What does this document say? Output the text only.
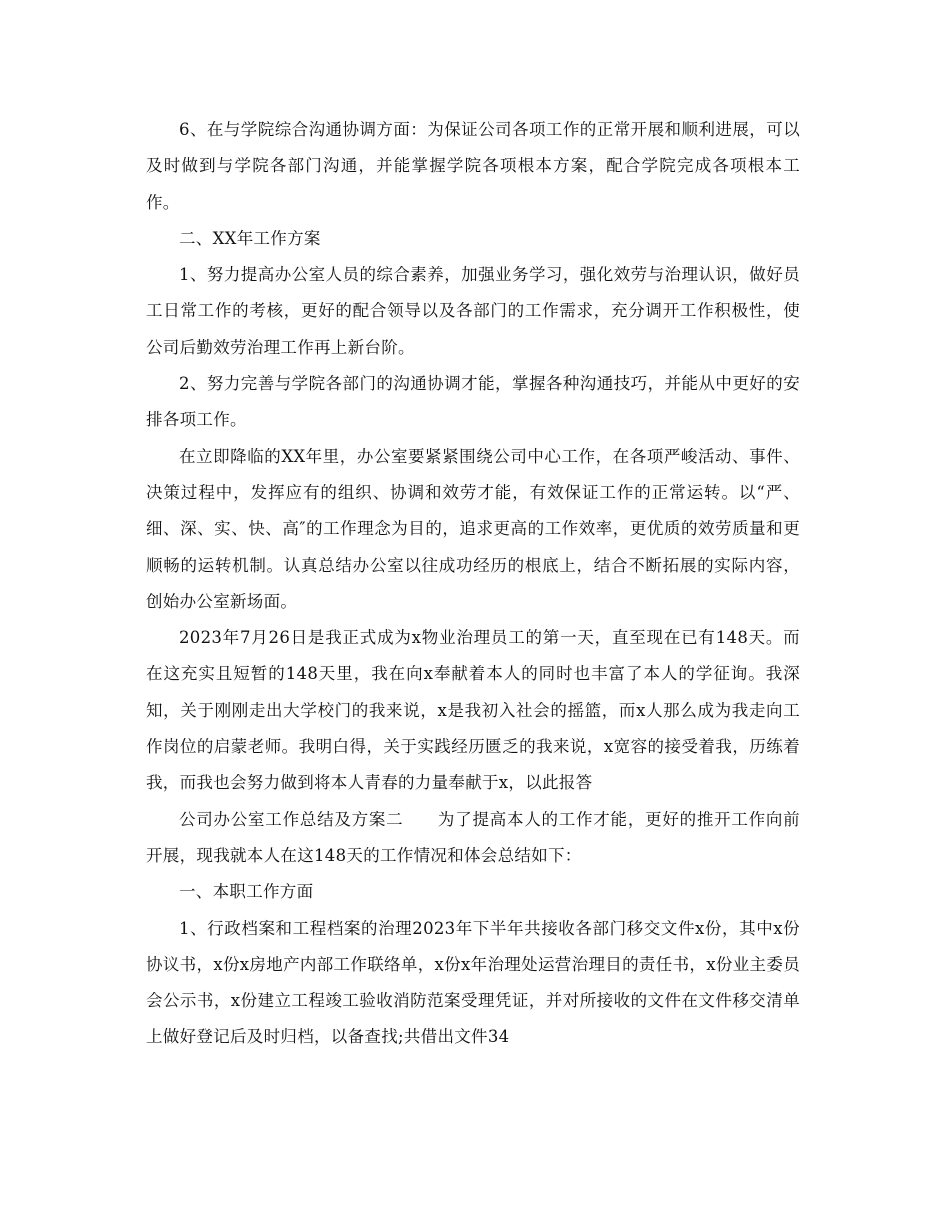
6、在与学院综合沟通协调方面：为保证公司各项工作的正常开展和顺利进展，可以及时做到与学院各部门沟通，并能掌握学院各项根本方案，配合学院完成各项根本工作。

二、XX年工作方案

1、努力提高办公室人员的综合素养，加强业务学习，强化效劳与治理认识，做好员工日常工作的考核，更好的配合领导以及各部门的工作需求，充分调开工作积极性，使公司后勤效劳治理工作再上新台阶。

2、努力完善与学院各部门的沟通协调才能，掌握各种沟通技巧，并能从中更好的安排各项工作。

在立即降临的XX年里，办公室要紧紧围绕公司中心工作，在各项严峻活动、事件、决策过程中，发挥应有的组织、协调和效劳才能，有效保证工作的正常运转。以“严、细、深、实、快、高″的工作理念为目的，追求更高的工作效率，更优质的效劳质量和更顺畅的运转机制。认真总结办公室以往成功经历的根底上，结合不断拓展的实际内容，创始办公室新场面。

2023年7月26日是我正式成为x物业治理员工的第一天，直至现在已有148天。而在这充实且短暂的148天里，我在向x奉献着本人的同时也丰富了本人的学征询。我深知，关于刚刚走出大学校门的我来说，x是我初入社会的摇篮，而x人那么成为我走向工作岗位的启蒙老师。我明白得，关于实践经历匮乏的我来说，x宽容的接受着我，历练着我，而我也会努力做到将本人青春的力量奉献于x，以此报答

公司办公室工作总结及方案二　　为了提高本人的工作才能，更好的推开工作向前开展，现我就本人在这148天的工作情况和体会总结如下：

一、本职工作方面

1、行政档案和工程档案的治理2023年下半年共接收各部门移交文件x份，其中x份协议书，x份x房地产内部工作联络单，x份x年治理处运营治理目的责任书，x份业主委员会公示书，x份建立工程竣工验收消防范案受理凭证，并对所接收的文件在文件移交清单上做好登记后及时归档，以备查找;共借出文件34
